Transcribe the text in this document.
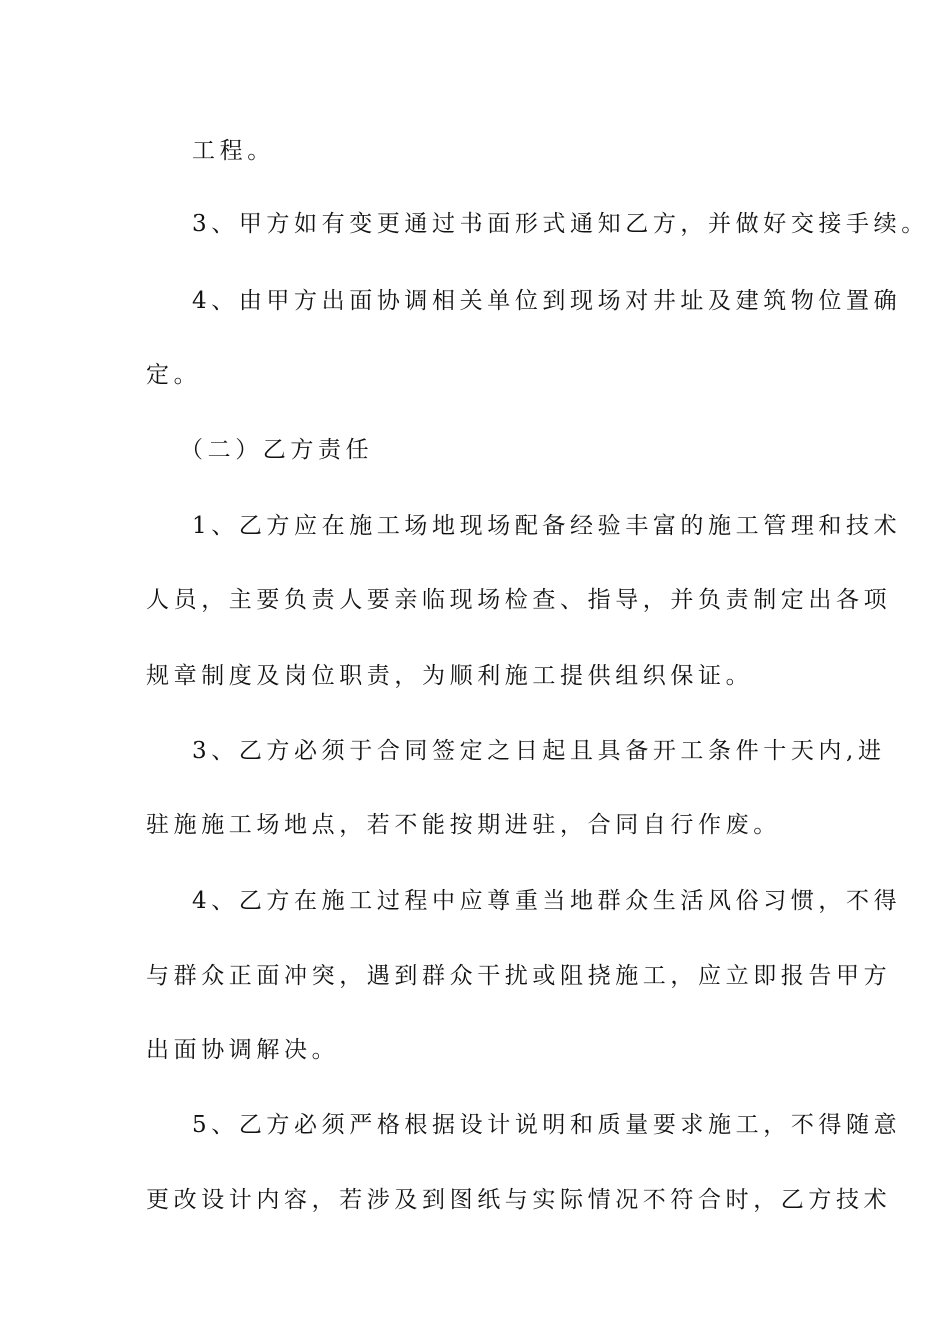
工程。
3、甲方如有变更通过书面形式通知乙方，并做好交接手续。
4、由甲方出面协调相关单位到现场对井址及建筑物位置确
定。
（二）乙方责任
1、乙方应在施工场地现场配备经验丰富的施工管理和技术
人员，主要负责人要亲临现场检查、指导，并负责制定出各项
规章制度及岗位职责，为顺利施工提供组织保证。
3、乙方必须于合同签定之日起且具备开工条件十天内,进
驻施施工场地点，若不能按期进驻，合同自行作废。
4、乙方在施工过程中应尊重当地群众生活风俗习惯，不得
与群众正面冲突，遇到群众干扰或阻挠施工，应立即报告甲方
出面协调解决。
5、乙方必须严格根据设计说明和质量要求施工，不得随意
更改设计内容，若涉及到图纸与实际情况不符合时，乙方技术
